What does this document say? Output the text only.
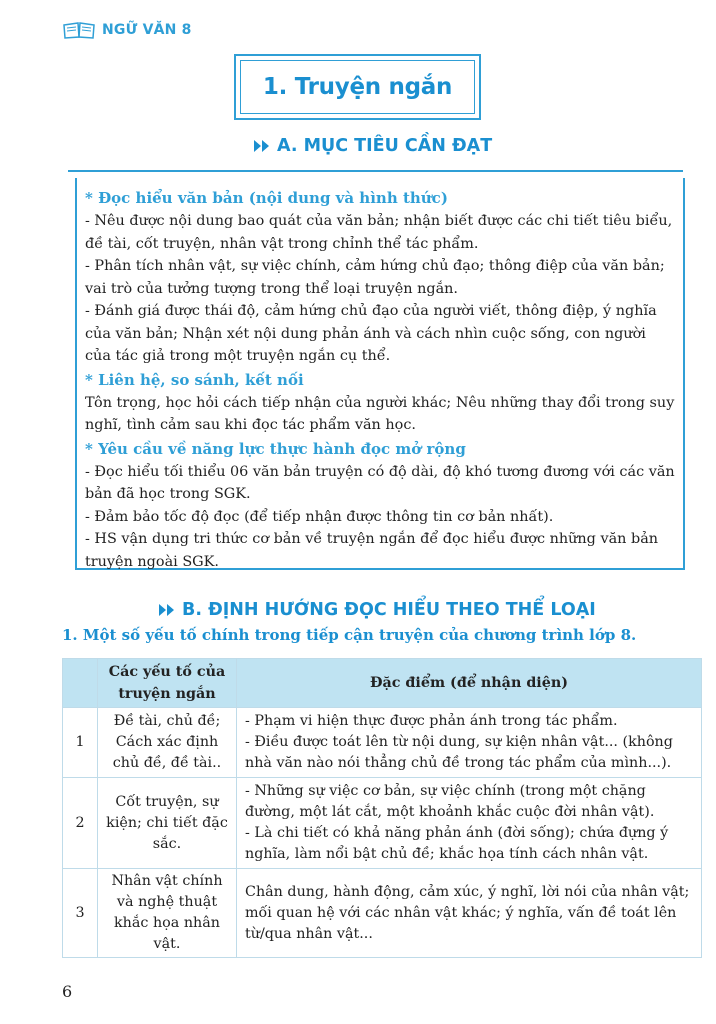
NGỮ VĂN 8
1. Truyện ngắn
A. MỤC TIÊU CẦN ĐẠT

* Đọc hiểu văn bản (nội dung và hình thức)

- Nêu được nội dung bao quát của văn bản; nhận biết được các chi tiết tiêu biểu, đề tài, cốt truyện, nhân vật trong chỉnh thể tác phẩm.

- Phân tích nhân vật, sự việc chính, cảm hứng chủ đạo; thông điệp của văn bản; vai trò của tưởng tượng trong thể loại truyện ngắn.

- Đánh giá được thái độ, cảm hứng chủ đạo của người viết, thông điệp, ý nghĩa của văn bản; Nhận xét nội dung phản ánh và cách nhìn cuộc sống, con người của tác giả trong một truyện ngắn cụ thể.

* Liên hệ, so sánh, kết nối

Tôn trọng, học hỏi cách tiếp nhận của người khác; Nêu những thay đổi trong suy nghĩ, tình cảm sau khi đọc tác phẩm văn học.

* Yêu cầu về năng lực thực hành đọc mở rộng

- Đọc hiểu tối thiểu 06 văn bản truyện có độ dài, độ khó tương đương với các văn bản đã học trong SGK.

- Đảm bảo tốc độ đọc (để tiếp nhận được thông tin cơ bản nhất).

- HS vận dụng tri thức cơ bản về truyện ngắn để đọc hiểu được những văn bản truyện ngoài SGK.

B. ĐỊNH HƯỚNG ĐỌC HIỂU THEO THỂ LOẠI
1. Một số yếu tố chính trong tiếp cận truyện của chương trình lớp 8.
	Các yếu tố của truyện ngắn	Đặc điểm (để nhận diện)
1	Đề tài, chủ đề; Cách xác định chủ đề, đề tài..	- Phạm vi hiện thực được phản ánh trong tác phẩm.

- Điều được toát lên từ nội dung, sự kiện nhân vật... (không nhà văn nào nói thẳng chủ đề trong tác phẩm của mình...).

2	Cốt truyện, sự kiện; chi tiết đặc sắc.	- Những sự việc cơ bản, sự việc chính (trong một chặng đường, một lát cắt, một khoảnh khắc cuộc đời nhân vật).

- Là chi tiết có khả năng phản ánh (đời sống); chứa đựng ý nghĩa, làm nổi bật chủ đề; khắc họa tính cách nhân vật.

3	Nhân vật chính và nghệ thuật khắc họa nhân vật.	Chân dung, hành động, cảm xúc, ý nghĩ, lời nói của nhân vật; mối quan hệ với các nhân vật khác; ý nghĩa, vấn đề toát lên từ/qua nhân vật...

6
